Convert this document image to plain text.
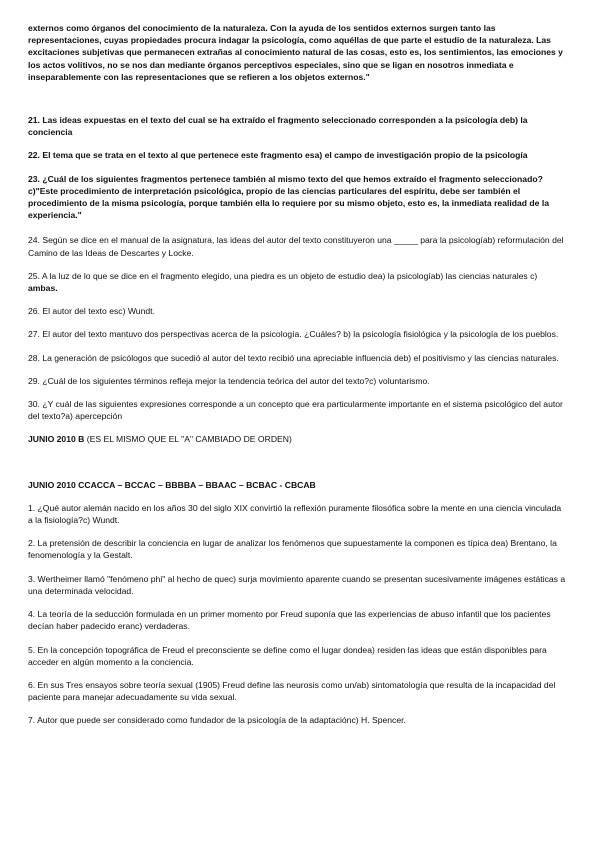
externos como órganos del conocimiento de la naturaleza. Con la ayuda de los sentidos externos surgen tanto las representaciones, cuyas propiedades procura indagar la psicología, como aquéllas de que parte el estudio de la naturaleza. Las excitaciones subjetivas que permanecen extrañas al conocimiento natural de las cosas, esto es, los sentimientos, las emociones y los actos volitivos, no se nos dan mediante órganos perceptivos especiales, sino que se ligan en nosotros inmediata e inseparablemente con las representaciones que se refieren a los objetos externos."

21. Las ideas expuestas en el texto del cual se ha extraído el fragmento seleccionado corresponden a la psicología deb) la conciencia

22. El tema que se trata en el texto al que pertenece este fragmento esa) el campo de investigación propio de la psicología

23. ¿Cuál de los siguientes fragmentos pertenece también al mismo texto del que hemos extraído el fragmento seleccionado?c)"Este procedimiento de interpretación psicológica, propio de las ciencias particulares del espíritu, debe ser también el procedimiento de la misma psicología, porque también ella lo requiere por su mismo objeto, esto es, la inmediata realidad de la experiencia."

24. Según se dice en el manual de la asignatura, las ideas del autor del texto constituyeron una _____ para la psicologíab) reformulación del Camino de las Ideas de Descartes y Locke.

25. A la luz de lo que se dice en el fragmento elegido, una piedra es un objeto de estudio dea) la psicologíab) las ciencias naturales c) ambas.

26. El autor del texto esc) Wundt.

27. El autor del texto mantuvo dos perspectivas acerca de la psicología. ¿Cuáles? b) la psicología fisiológica y la psicología de los pueblos.

28. La generación de psicólogos que sucedió al autor del texto recibió una apreciable influencia deb) el positivismo y las ciencias naturales.

29. ¿Cuál de los siguientes términos refleja mejor la tendencia teórica del autor del texto?c) voluntarismo.

30. ¿Y cuál de las siguientes expresiones corresponde a un concepto que era particularmente importante en el sistema psicológico del autor del texto?a) apercepción

JUNIO 2010 B (ES EL MISMO QUE EL "A" CAMBIADO DE ORDEN)

JUNIO 2010 CCACCA – BCCAC – BBBBA – BBAAC – BCBAC - CBCAB

1. ¿Qué autor alemán nacido en los años 30 del siglo XIX convirtió la reflexión puramente filosófica sobre la mente en una ciencia vinculada a la fisiología?c) Wundt.

2. La pretensión de describir la conciencia en lugar de analizar los fenómenos que supuestamente la componen es típica dea) Brentano, la fenomenología y la Gestalt.

3. Wertheimer llamó "fenómeno phi" al hecho de quec) surja movimiento aparente cuando se presentan sucesivamente imágenes estáticas a una determinada velocidad.

4. La teoría de la seducción formulada en un primer momento por Freud suponía que las experiencias de abuso infantil que los pacientes decían haber padecido eranc) verdaderas.

5. En la concepción topográfica de Freud el preconsciente se define como el lugar dondea) residen las ideas que están disponibles para acceder en algún momento a la conciencia.

6. En sus Tres ensayos sobre teoría sexual (1905) Freud define las neurosis como un/ab) sintomatología que resulta de la incapacidad del paciente para manejar adecuadamente su vida sexual.

7. Autor que puede ser considerado como fundador de la psicología de la adaptaciónc) H. Spencer.
